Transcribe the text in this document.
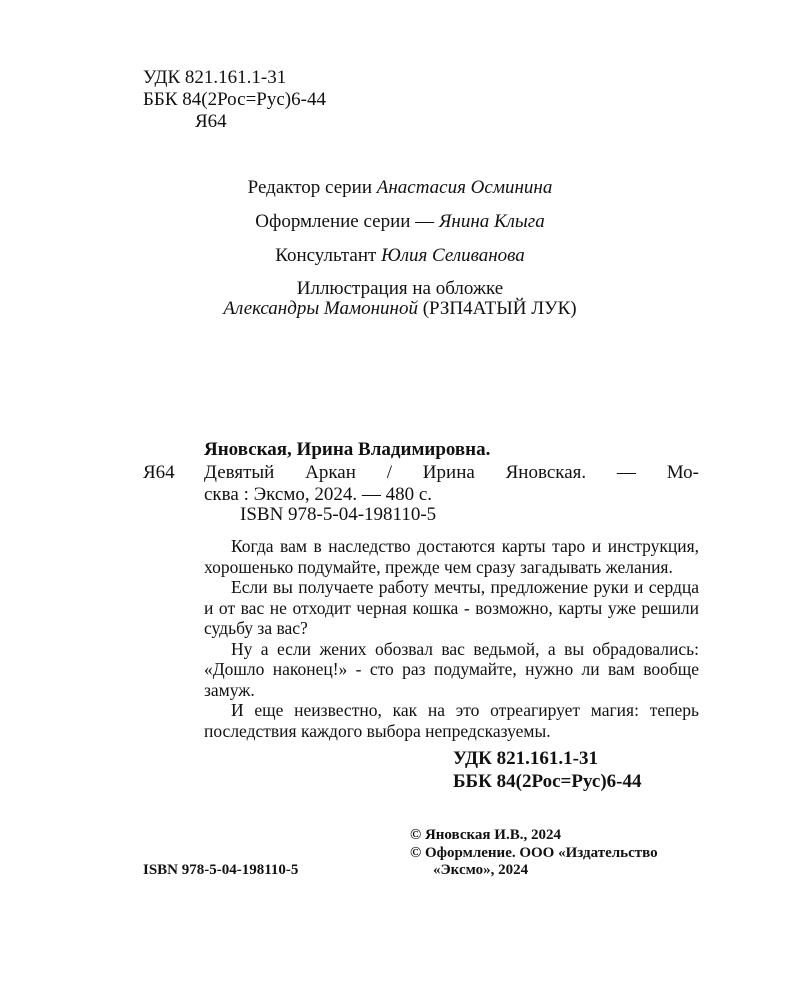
УДК 821.161.1-31
ББК 84(2Рос=Рус)6-44
Я64
Редактор серии Анастасия Осминина
Оформление серии — Янина Клыга
Консультант Юлия Селиванова
Иллюстрация на обложке
Александры Мамониной (РЗП4АТЫЙ ЛУК)
Яновская, Ирина Владимировна.
Я64 Девятый Аркан / Ирина Яновская. — Мо-
сква : Эксмо, 2024. — 480 с.
ISBN 978-5-04-198110-5

Когда вам в наследство достаются карты таро и инструкция, хорошенько подумайте, прежде чем сразу загадывать желания.

Если вы получаете работу мечты, предложение руки и сердца и от вас не отходит черная кошка - возможно, карты уже решили судьбу за вас?

Ну а если жених обозвал вас ведьмой, а вы обрадовались: «Дошло наконец!» - сто раз подумайте, нужно ли вам вообще замуж.

И еще неизвестно, как на это отреагирует магия: теперь последствия каждого выбора непредсказуемы.

УДК 821.161.1-31
ББК 84(2Рос=Рус)6-44
ISBN 978-5-04-198110-5
© Яновская И.В., 2024
© Оформление. ООО «Издательство
«Эксмо», 2024
